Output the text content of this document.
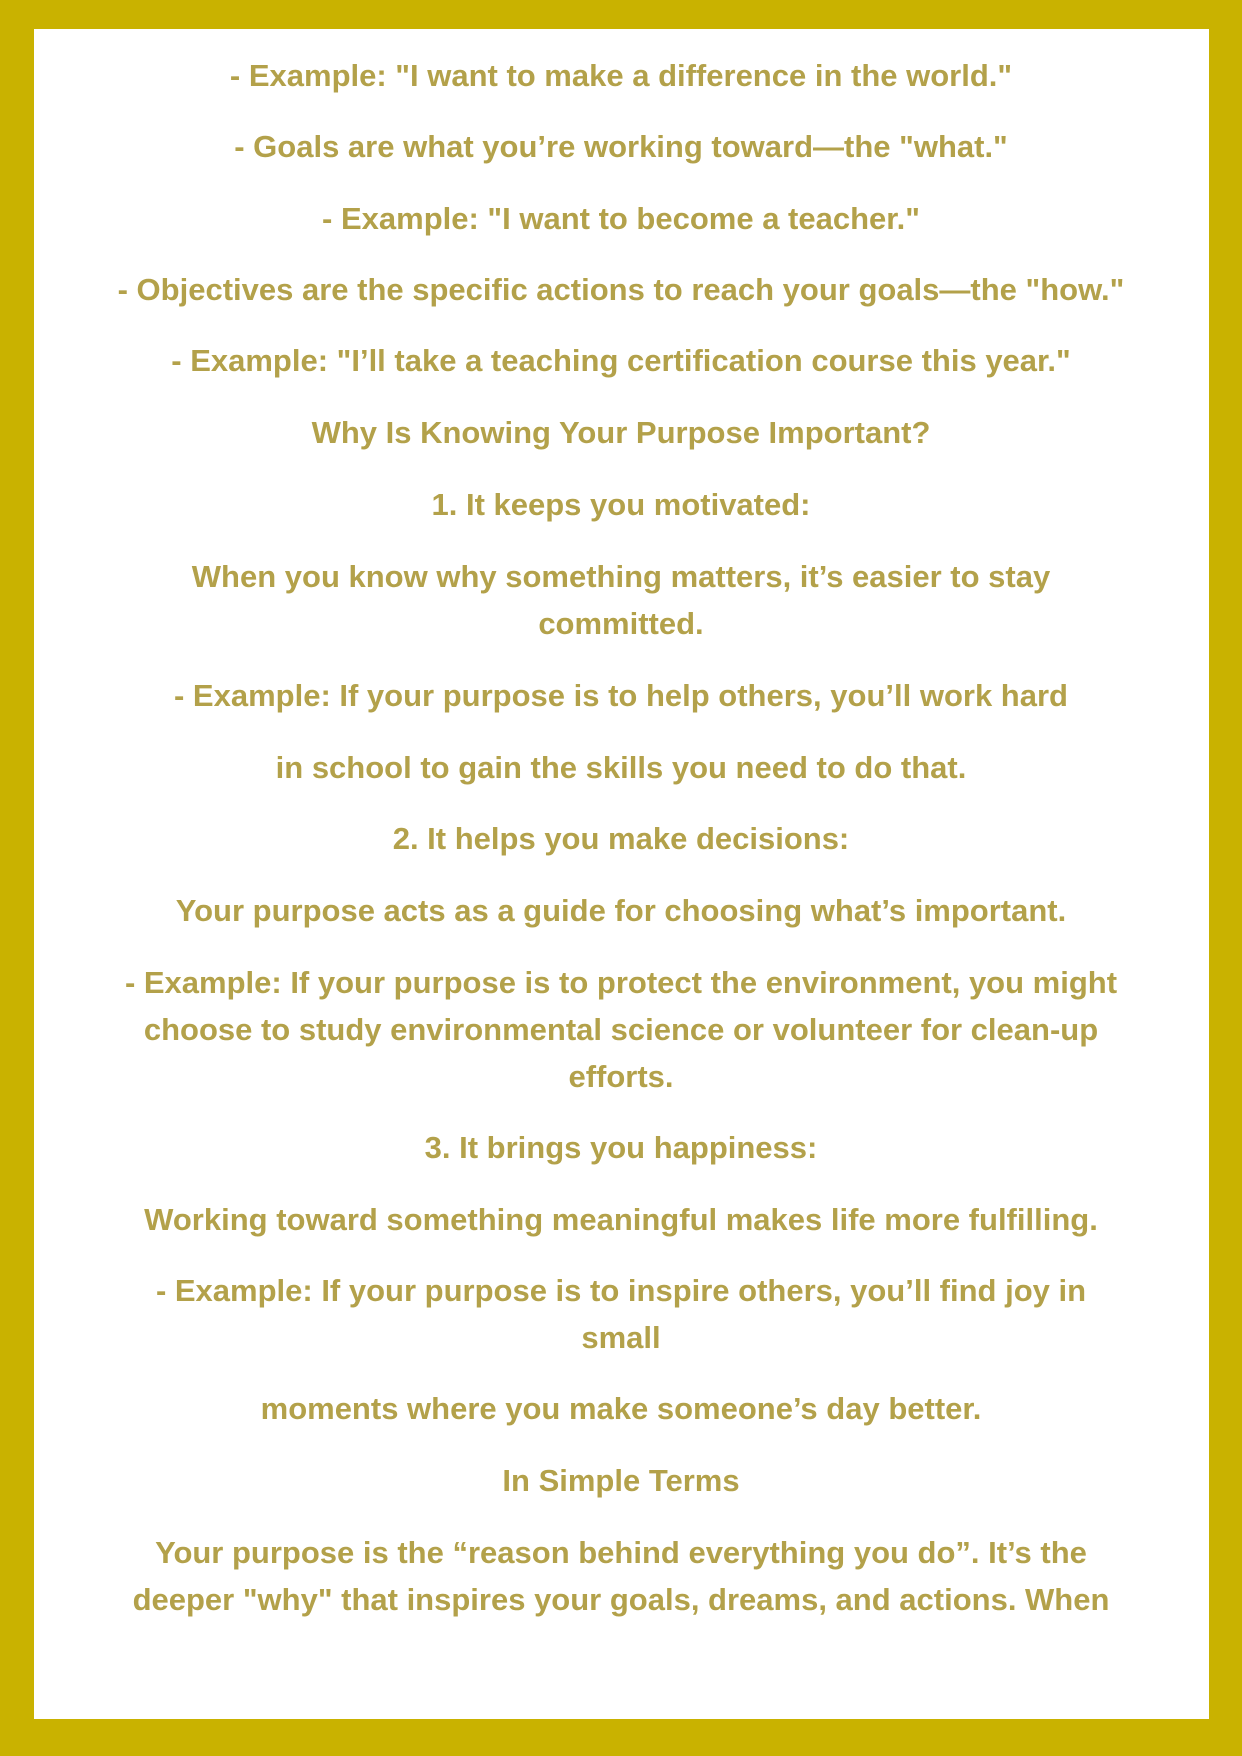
- Example: "I want to make a difference in the world."
- Goals are what you’re working toward—the "what."
- Example: "I want to become a teacher."
- Objectives are the specific actions to reach your goals—the "how."
- Example: "I’ll take a teaching certification course this year."
Why Is Knowing Your Purpose Important?
1. It keeps you motivated:
When you know why something matters, it’s easier to stay
committed.
- Example: If your purpose is to help others, you’ll work hard
in school to gain the skills you need to do that.
2. It helps you make decisions:
Your purpose acts as a guide for choosing what’s important.
- Example: If your purpose is to protect the environment, you might
choose to study environmental science or volunteer for clean-up
efforts.
3. It brings you happiness:
Working toward something meaningful makes life more fulfilling.
- Example: If your purpose is to inspire others, you’ll find joy in
small
moments where you make someone’s day better.
In Simple Terms
Your purpose is the “reason behind everything you do”. It’s the
deeper "why" that inspires your goals, dreams, and actions. When
